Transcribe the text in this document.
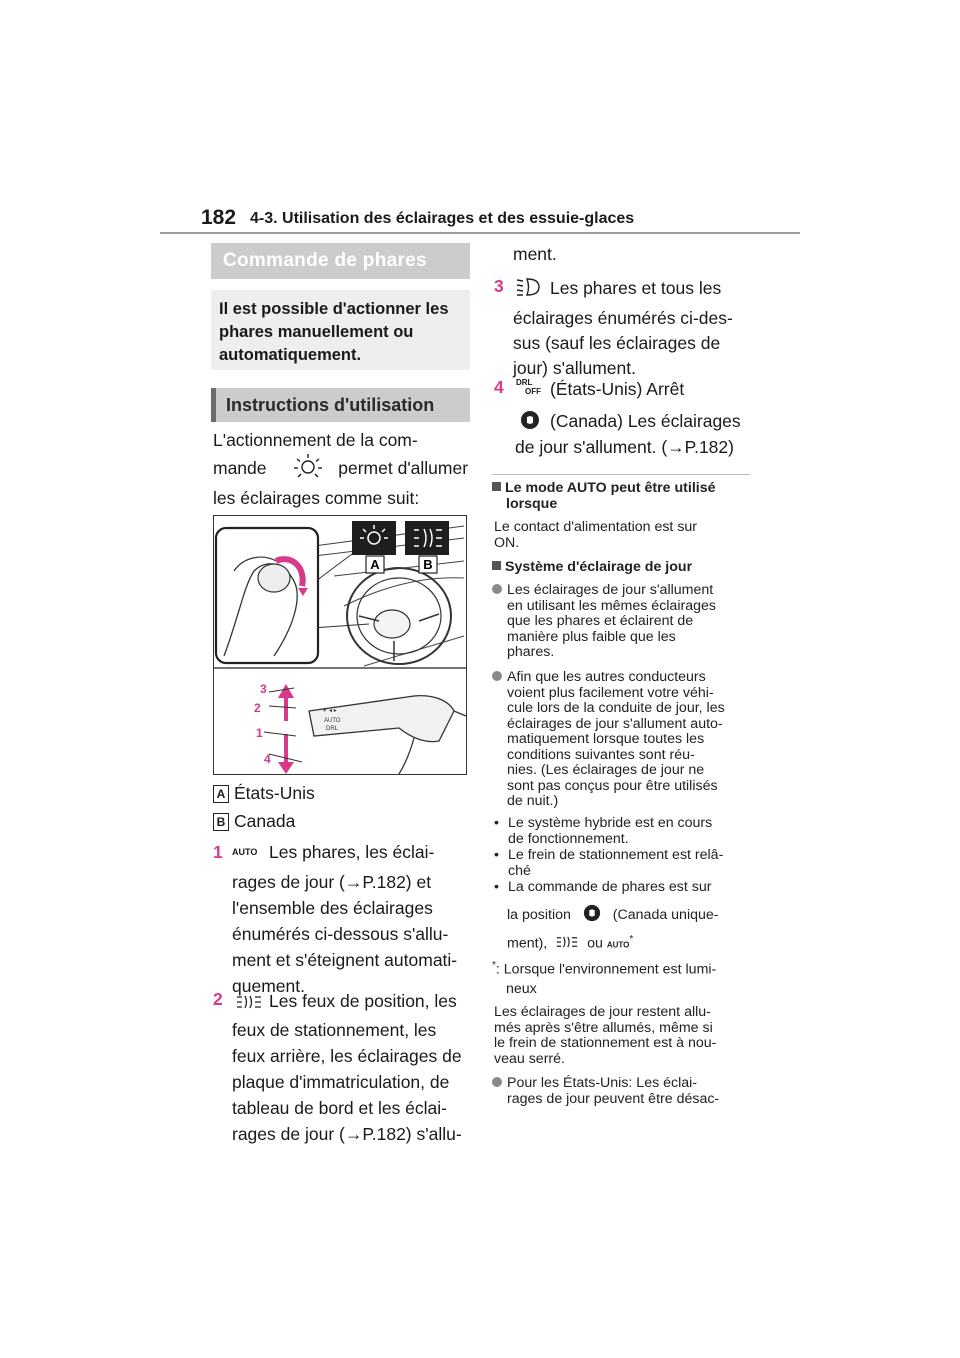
182 4-3. Utilisation des éclairages et des essuie-glaces
Commande de phares
Il est possible d'actionner les phares manuellement ou automatiquement.
Instructions d'utilisation
L'actionnement de la com-
mande	permet d'allumer
les éclairages comme suit:
A	B
☀ ◂ ▸
AUTO
DRL
3
2
1
4
A États-Unis
B Canada
1 AUTO Les phares, les éclai-
rages de jour (→P.182) et
l'ensemble des éclairages
énumérés ci-dessous s'allu-
ment et s'éteignent automati-
quement.
2	Les feux de position, les
feux de stationnement, les
feux arrière, les éclairages de
plaque d'immatriculation, de
tableau de bord et les éclai-
rages de jour (→P.182) s'allu-
ment.
3	Les phares et tous les
éclairages énumérés ci-des-
sus (sauf les éclairages de
jour) s'allument.
4 DRL
OFF (États-Unis) Arrêt
(Canada) Les éclairages
de jour s'allument. (→P.182)
Le mode AUTO peut être utilisé
lorsque
Le contact d'alimentation est sur
ON.
Système d'éclairage de jour
Les éclairages de jour s'allument
en utilisant les mêmes éclairages
que les phares et éclairent de
manière plus faible que les
phares.
Afin que les autres conducteurs
voient plus facilement votre véhi-
cule lors de la conduite de jour, les
éclairages de jour s'allument auto-
matiquement lorsque toutes les
conditions suivantes sont réu-
nies. (Les éclairages de jour ne
sont pas conçus pour être utilisés
de nuit.)
• Le système hybride est en cours
de fonctionnement.
• Le frein de stationnement est relâ-
ché
• La commande de phares est sur
la position	(Canada unique-
ment),	ou AUTO*
*: Lorsque l'environnement est lumi-
neux
Les éclairages de jour restent allu-
més après s'être allumés, même si
le frein de stationnement est à nou-
veau serré.
Pour les États-Unis: Les éclai-
rages de jour peuvent être désac-
